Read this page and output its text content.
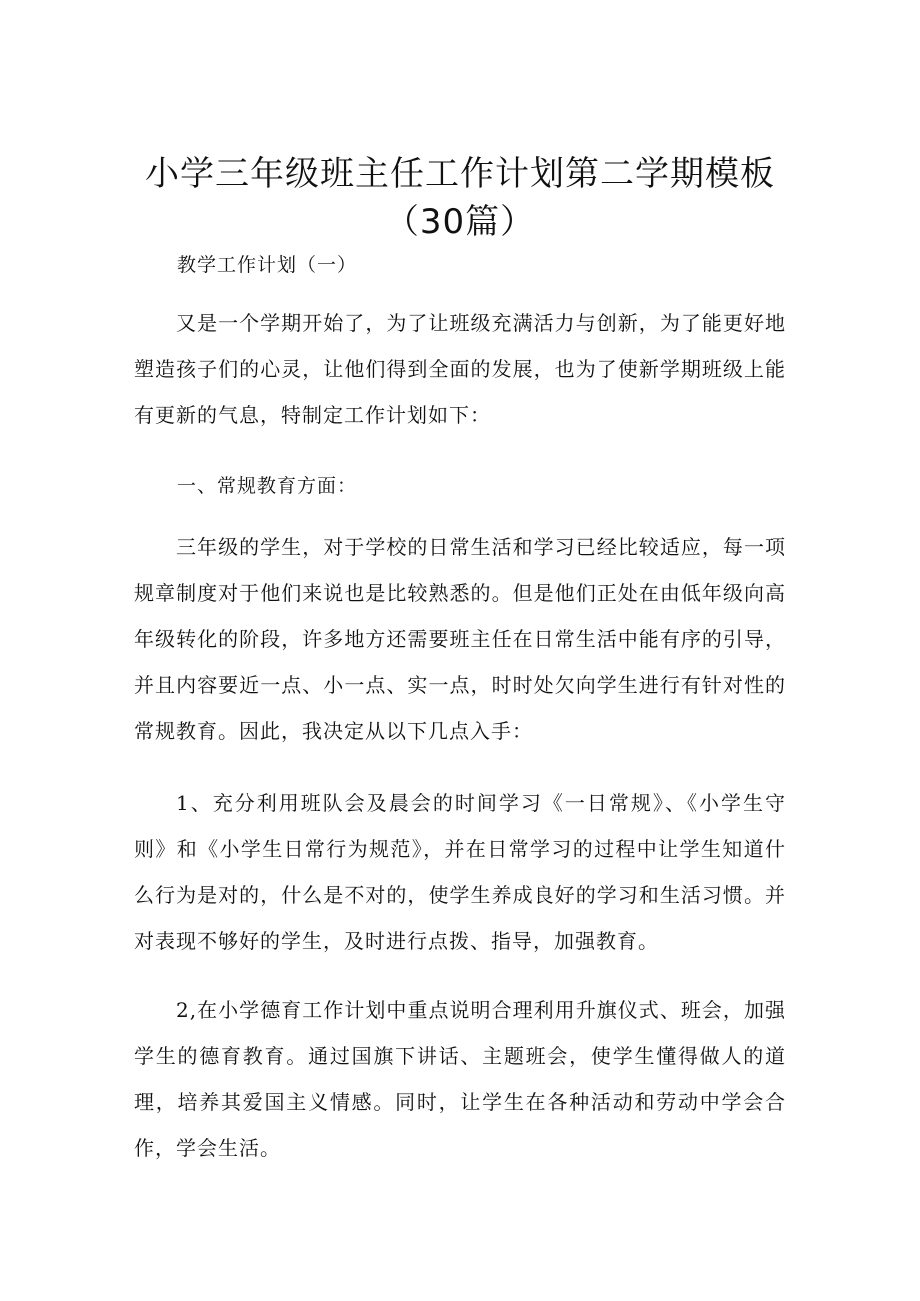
小学三年级班主任工作计划第二学期模板
（30篇）

教学工作计划（一）

又是一个学期开始了，为了让班级充满活力与创新，为了能更好地塑造孩子们的心灵，让他们得到全面的发展，也为了使新学期班级上能有更新的气息，特制定工作计划如下：

一、常规教育方面：

三年级的学生，对于学校的日常生活和学习已经比较适应，每一项规章制度对于他们来说也是比较熟悉的。但是他们正处在由低年级向高年级转化的阶段，许多地方还需要班主任在日常生活中能有序的引导，并且内容要近一点、小一点、实一点，时时处欠向学生进行有针对性的常规教育。因此，我决定从以下几点入手：

1、充分利用班队会及晨会的时间学习《一日常规》、《小学生守则》和《小学生日常行为规范》，并在日常学习的过程中让学生知道什么行为是对的，什么是不对的，使学生养成良好的学习和生活习惯。并对表现不够好的学生，及时进行点拨、指导，加强教育。

2,在小学德育工作计划中重点说明合理利用升旗仪式、班会，加强学生的德育教育。通过国旗下讲话、主题班会，使学生懂得做人的道理，培养其爱国主义情感。同时，让学生在各种活动和劳动中学会合作，学会生活。
